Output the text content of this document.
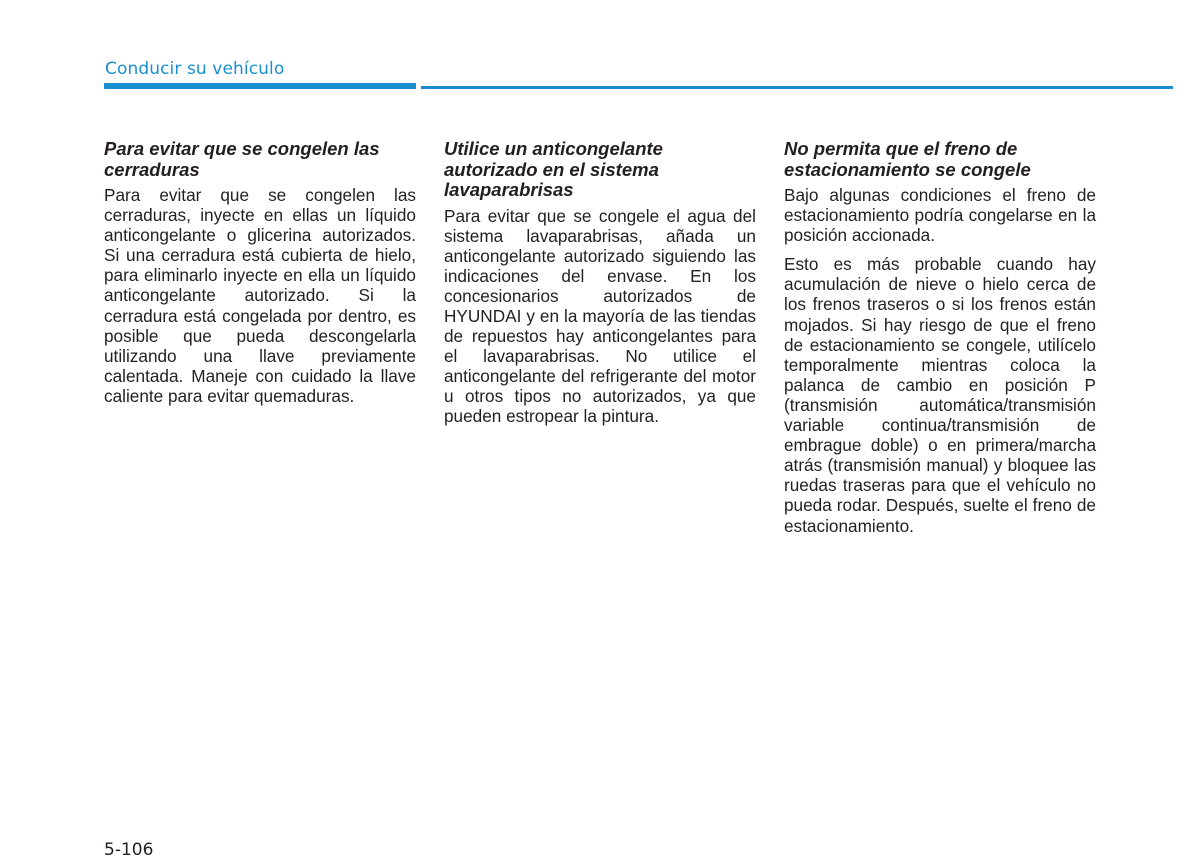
Conducir su vehículo
Para evitar que se congelen las cerraduras

Para evitar que se congelen las cerraduras, inyecte en ellas un líquido anticongelante o glicerina autorizados. Si una cerradura está cubierta de hielo, para eliminarlo inyecte en ella un líquido anticongelante autorizado. Si la cerradura está congelada por dentro, es posible que pueda descongelarla utilizando una llave previamente calentada. Maneje con cuidado la llave caliente para evitar quemaduras.

Utilice un anticongelante autorizado en el sistema lavaparabrisas

Para evitar que se congele el agua del sistema lavaparabrisas, añada un anticongelante autorizado siguiendo las indicaciones del envase. En los concesionarios autorizados de HYUNDAI y en la mayoría de las tiendas de repuestos hay anticongelantes para el lavaparabrisas. No utilice el anticongelante del refrigerante del motor u otros tipos no autorizados, ya que pueden estropear la pintura.

No permita que el freno de estacionamiento se congele

Bajo algunas condiciones el freno de estacionamiento podría congelarse en la posición accionada.

Esto es más probable cuando hay acumulación de nieve o hielo cerca de los frenos traseros o si los frenos están mojados. Si hay riesgo de que el freno de estacionamiento se congele, utilícelo temporalmente mientras coloca la palanca de cambio en posición P (transmisión automática/transmisión variable continua/transmisión de embrague doble) o en primera/marcha atrás (transmisión manual) y bloquee las ruedas traseras para que el vehículo no pueda rodar. Después, suelte el freno de estacionamiento.

5-106
